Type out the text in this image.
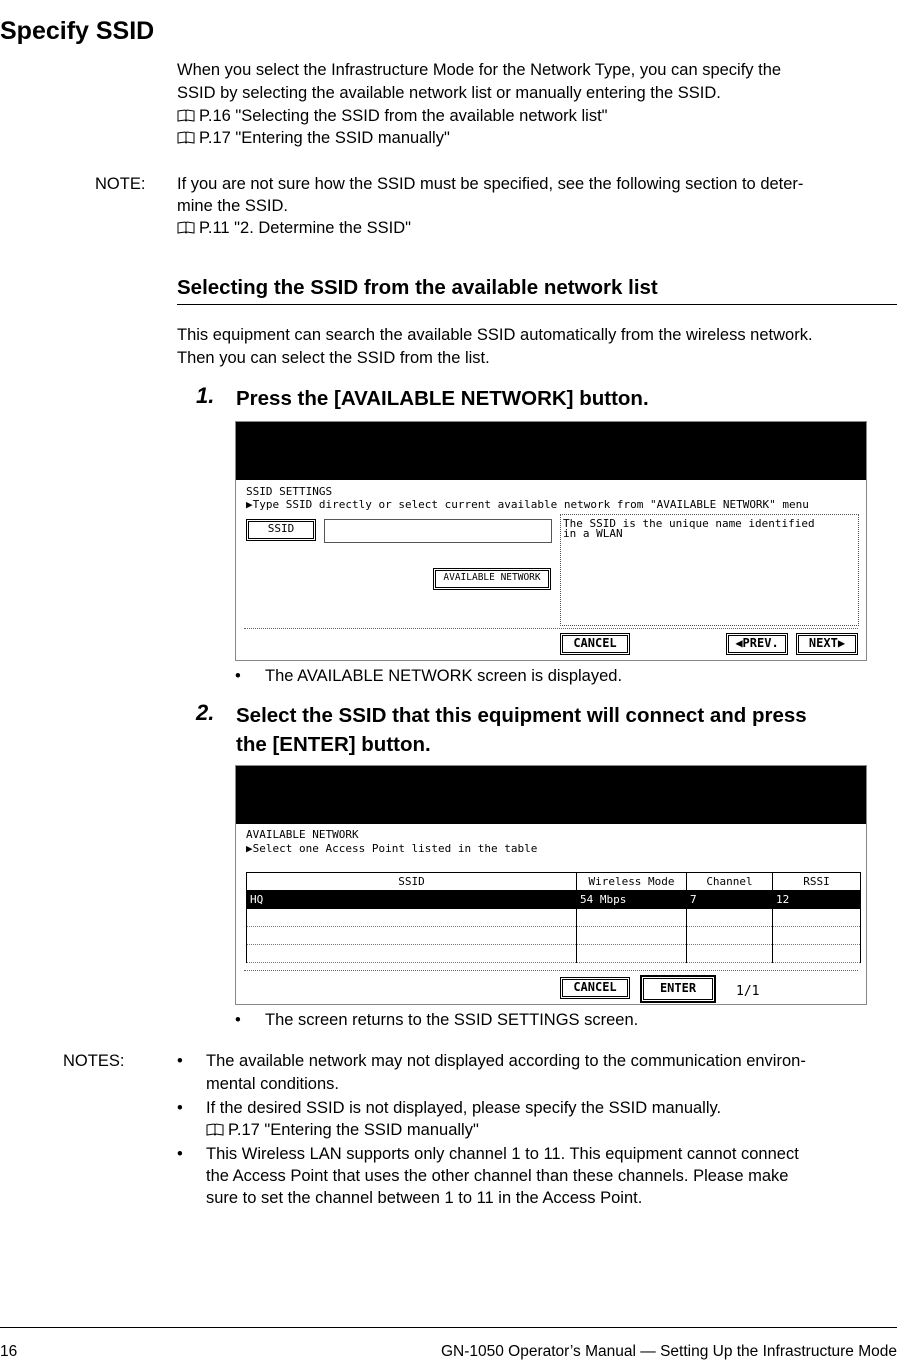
Specify SSID
When you select the Infrastructure Mode for the Network Type, you can specify the
SSID by selecting the available network list or manually entering the SSID.
P.16 "Selecting the SSID from the available network list"
P.17 "Entering the SSID manually"
NOTE: If you are not sure how the SSID must be specified, see the following section to deter-
mine the SSID.
P.11 "2. Determine the SSID"
Selecting the SSID from the available network list
This equipment can search the available SSID automatically from the wireless network.
Then you can select the SSID from the list.
1. Press the [AVAILABLE NETWORK] button.
SSID SETTINGS
▶Type SSID directly or select current available network from "AVAILABLE NETWORK" menu
SSID	The SSID is the unique name identified
in a WLAN
AVAILABLE NETWORK
CANCEL	◀PREV.	NEXT▶
• The AVAILABLE NETWORK screen is displayed.
2. Select the SSID that this equipment will connect and press
the [ENTER] button.
AVAILABLE NETWORK
▶Select one Access Point listed in the table
SSID	Wireless Mode	Channel	RSSI
HQ	54 Mbps	7	12

CANCEL	ENTER	1/1
• The screen returns to the SSID SETTINGS screen.
NOTES:	• The available network may not displayed according to the communication environ-
mental conditions.
• If the desired SSID is not displayed, please specify the SSID manually.
P.17 "Entering the SSID manually"
• This Wireless LAN supports only channel 1 to 11. This equipment cannot connect
the Access Point that uses the other channel than these channels. Please make
sure to set the channel between 1 to 11 in the Access Point.
16	GN-1050 Operator’s Manual — Setting Up the Infrastructure Mode
